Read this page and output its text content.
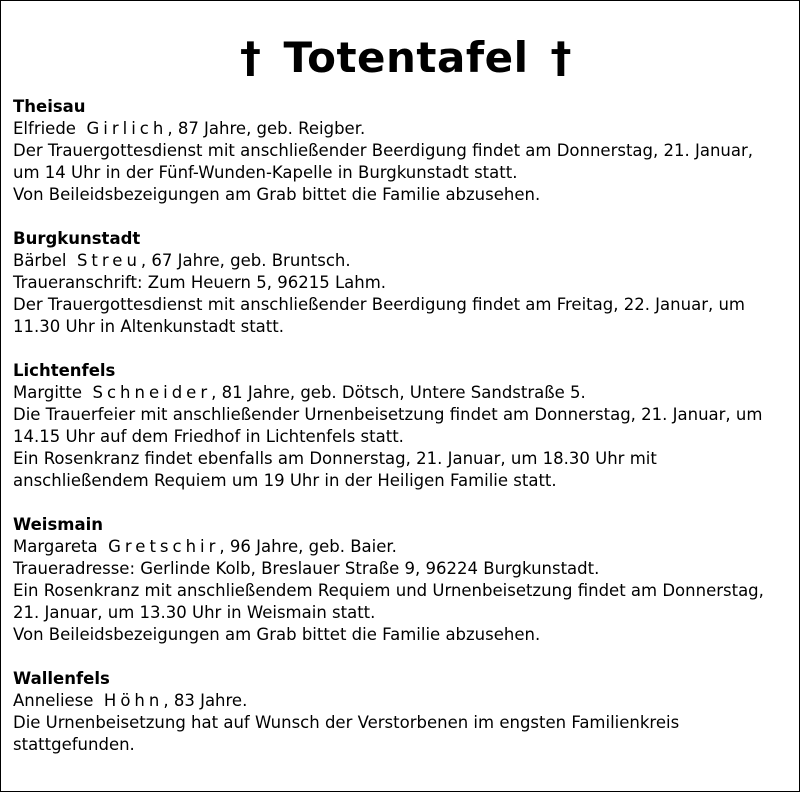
† Totentafel †
Theisau
Elfriede Girlich, 87 Jahre, geb. Reigber.
Der Trauergottesdienst mit anschließender Beerdigung findet am Donnerstag, 21. Januar,
um 14 Uhr in der Fünf-Wunden-Kapelle in Burgkunstadt statt.
Von Beileidsbezeigungen am Grab bittet die Familie abzusehen.
Burgkunstadt
Bärbel Streu, 67 Jahre, geb. Bruntsch.
Traueranschrift: Zum Heuern 5, 96215 Lahm.
Der Trauergottesdienst mit anschließender Beerdigung findet am Freitag, 22. Januar, um
11.30 Uhr in Altenkunstadt statt.
Lichtenfels
Margitte Schneider, 81 Jahre, geb. Dötsch, Untere Sandstraße 5.
Die Trauerfeier mit anschließender Urnenbeisetzung findet am Donnerstag, 21. Januar, um
14.15 Uhr auf dem Friedhof in Lichtenfels statt.
Ein Rosenkranz findet ebenfalls am Donnerstag, 21. Januar, um 18.30 Uhr mit
anschließendem Requiem um 19 Uhr in der Heiligen Familie statt.
Weismain
Margareta Gretschir, 96 Jahre, geb. Baier.
Traueradresse: Gerlinde Kolb, Breslauer Straße 9, 96224 Burgkunstadt.
Ein Rosenkranz mit anschließendem Requiem und Urnenbeisetzung findet am Donnerstag,
21. Januar, um 13.30 Uhr in Weismain statt.
Von Beileidsbezeigungen am Grab bittet die Familie abzusehen.
Wallenfels
Anneliese Höhn, 83 Jahre.
Die Urnenbeisetzung hat auf Wunsch der Verstorbenen im engsten Familienkreis
stattgefunden.
